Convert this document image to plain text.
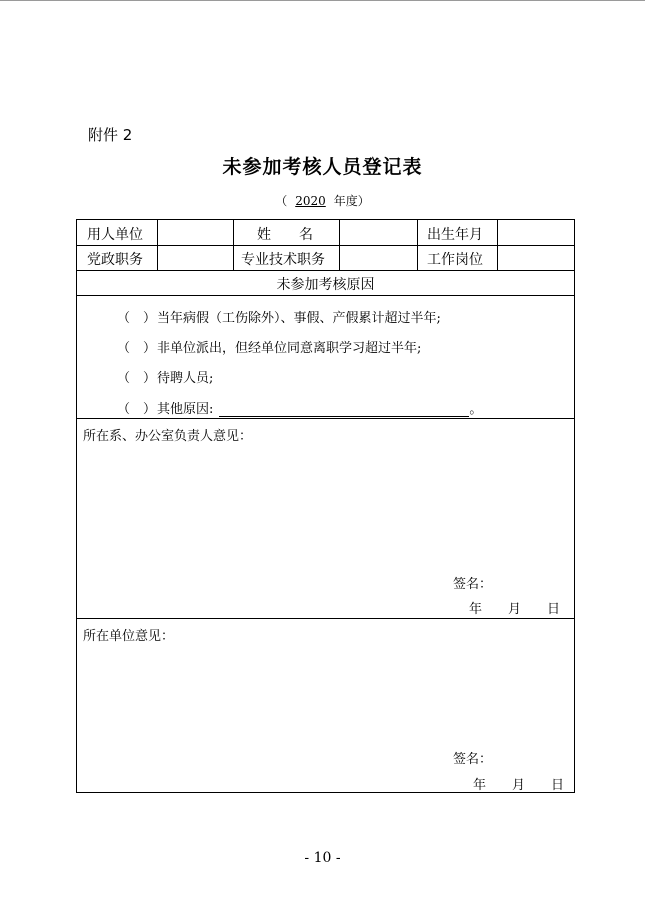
附件 2
未参加考核人员登记表
（ 2020 年度）
用人单位	姓　　名	出生年月
党政职务	专业技术职务	工作岗位
未参加考核原因
（　）当年病假（工伤除外）、事假、产假累计超过半年;
（　）非单位派出，但经单位同意离职学习超过半年;
（　）待聘人员;
（　）其他原因:	。
所在系、办公室负责人意见：
签名：
年　　月　　日
所在单位意见：
签名：
年　　月　　日
- 10 -
